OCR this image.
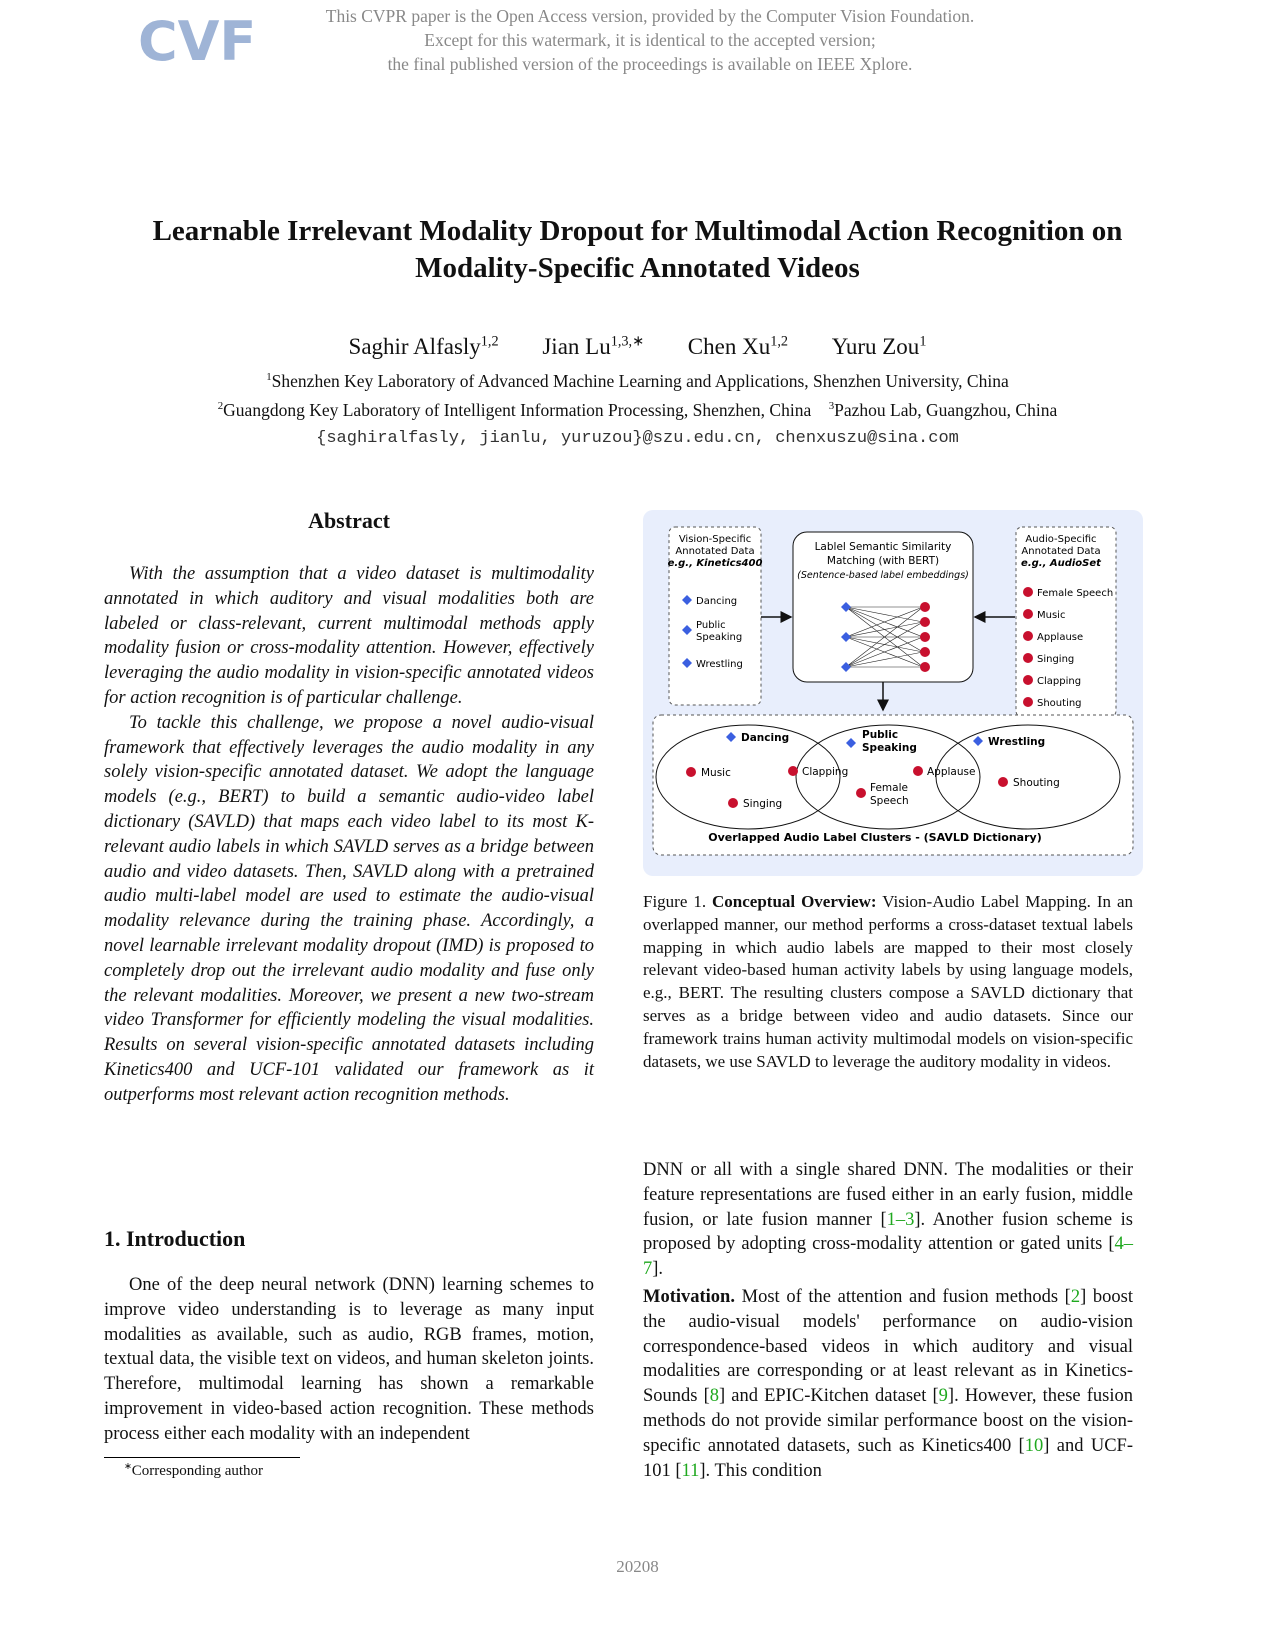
CVF	This CVPR paper is the Open Access version, provided by the Computer Vision Foundation.
Except for this watermark, it is identical to the accepted version;
the final published version of the proceedings is available on IEEE Xplore.
Learnable Irrelevant Modality Dropout for Multimodal Action Recognition on
Modality-Specific Annotated Videos
Saghir Alfasly$^{1,2}$ Jian $Lu^{1,3,∗}$ Chen Xu$^{1,2}$ Yuru Zou$^1$
$^1$Shenzhen Key Laboratory of Advanced Machine Learning and Applications, Shenzhen University, China
$^2$Guangdong Key Laboratory of Intelligent Information Processing, Shenzhen, China $^3$Pazhou Lab, Guangzhou, China
{saghiralfasly, jianlu, yuruzou}@szu.edu.cn, chenxuszu@sina.com
Abstract

With the assumption that a video dataset is multimodality annotated in which auditory and visual modalities both are labeled or class-relevant, current multimodal methods apply modality fusion or cross-modality attention. However, effectively leveraging the audio modality in vision-specific annotated videos for action recognition is of particular challenge.

To tackle this challenge, we propose a novel audio-visual framework that effectively leverages the audio modality in any solely vision-specific annotated dataset. We adopt the language models (e.g., BERT) to build a semantic audio-video label dictionary (SAVLD) that maps each video label to its most K-relevant audio labels in which SAVLD serves as a bridge between audio and video datasets. Then, SAVLD along with a pretrained audio multi-label model are used to estimate the audio-visual modality relevance during the training phase. Accordingly, a novel learnable irrelevant modality dropout (IMD) is proposed to completely drop out the irrelevant audio modality and fuse only the relevant modalities. Moreover, we present a new two-stream video Transformer for efficiently modeling the visual modalities. Results on several vision-specific annotated datasets including Kinetics400 and UCF-101 validated our framework as it outperforms most relevant action recognition methods.

1. Introduction

One of the deep neural network (DNN) learning schemes to improve video understanding is to leverage as many input modalities as available, such as audio, RGB frames, motion, textual data, the visible text on videos, and human skeleton joints. Therefore, multimodal learning has shown a remarkable improvement in video-based action recognition. These methods process either each modality with an independent

∗Corresponding author
Vision-Specific
Annotated Data
e.g., Kinetics400
Dancing
Public
Speaking
Wrestling
Lablel Semantic Similarity
Matching (with BERT)
(Sentence-based label embeddings)
Audio-Specific
Annotated Data
e.g., AudioSet
Female Speech
Music
Applause
Singing
Clapping
Shouting
Dancing	Public
Speaking	Wrestling
Music
Singing
Clapping
Female
Speech
Applause
Shouting
Overlapped Audio Label Clusters - (SAVLD Dictionary)
Figure 1. Conceptual Overview: Vision-Audio Label Mapping. In an overlapped manner, our method performs a cross-dataset textual labels mapping in which audio labels are mapped to their most closely relevant video-based human activity labels by using language models, e.g., BERT. The resulting clusters compose a SAVLD dictionary that serves as a bridge between video and audio datasets. Since our framework trains human activity multimodal models on vision-specific datasets, we use SAVLD to leverage the auditory modality in videos.

DNN or all with a single shared DNN. The modalities or their feature representations are fused either in an early fusion, middle fusion, or late fusion manner [1–3]. Another fusion scheme is proposed by adopting cross-modality attention or gated units [4–7].

Motivation. Most of the attention and fusion methods [2] boost the audio-visual models' performance on audio-vision correspondence-based videos in which auditory and visual modalities are corresponding or at least relevant as in Kinetics-Sounds [8] and EPIC-Kitchen dataset [9]. However, these fusion methods do not provide similar performance boost on the vision-specific annotated datasets, such as Kinetics400 [10] and UCF-101 [11]. This condition

20208
